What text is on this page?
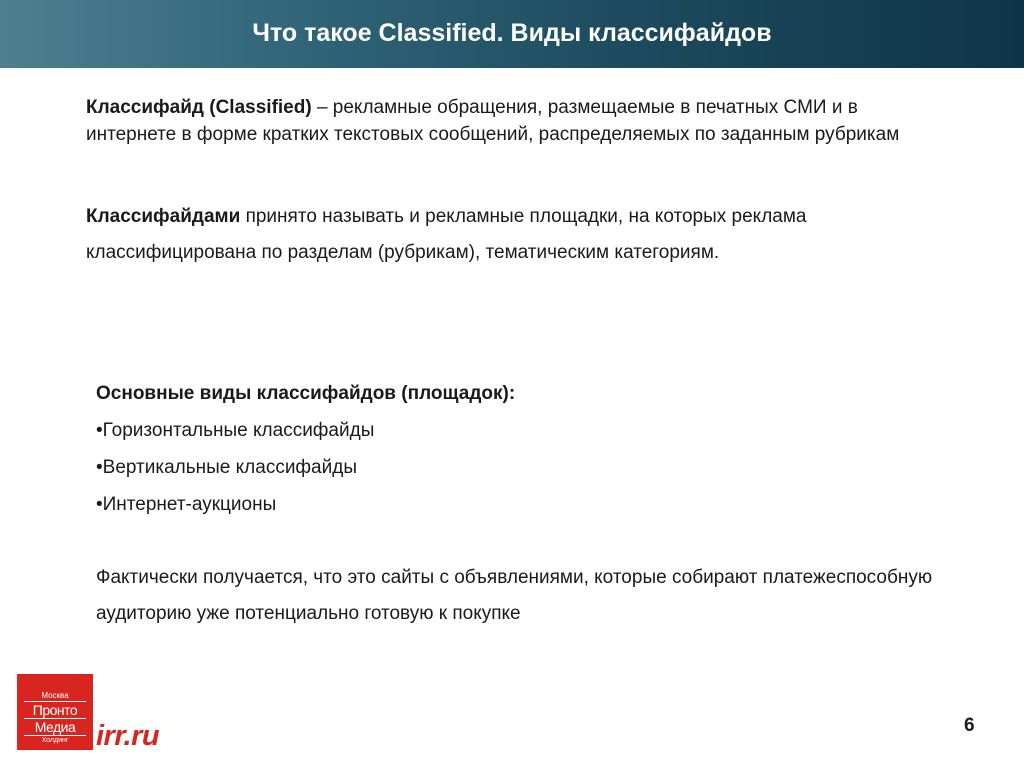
Что такое Classified. Виды классифайдов
Классифайд (Classified) – рекламные обращения, размещаемые в печатных СМИ и в интернете в форме кратких текстовых сообщений, распределяемых по заданным рубрикам
Классифайдами принято называть и рекламные площадки, на которых реклама классифицирована по разделам (рубрикам), тематическим категориям.
Основные виды классифайдов (площадок):
•Горизонтальные классифайды
•Вертикальные классифайды
•Интернет-аукционы
Фактически получается, что это сайты с объявлениями, которые собирают платежеспособную аудиторию уже потенциально готовую к покупке
Москва
Пронто
Медиа
Холдинг irr.ru	6
